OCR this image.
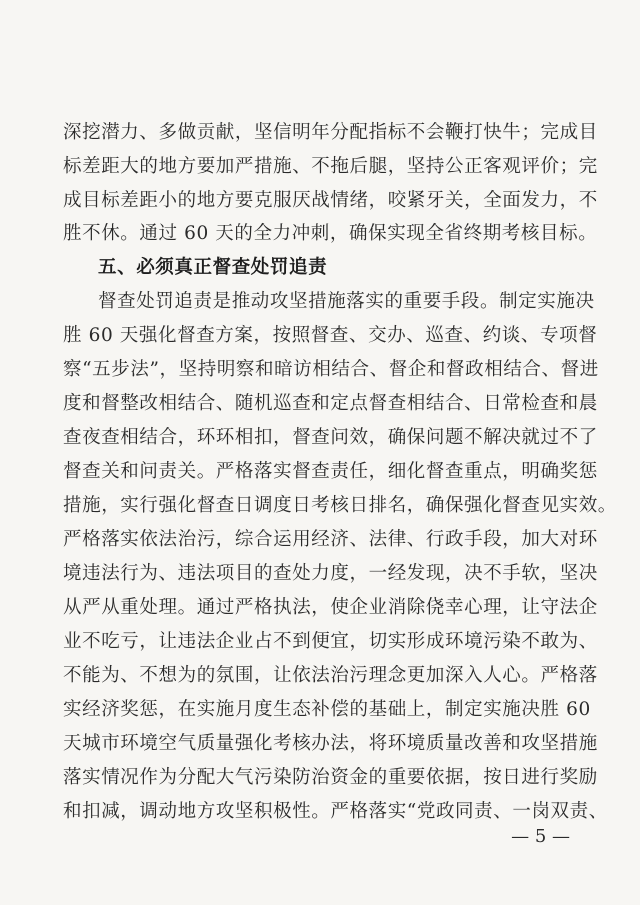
深挖潜力、多做贡献，坚信明年分配指标不会鞭打快牛；完成目
标差距大的地方要加严措施、不拖后腿，坚持公正客观评价；完
成目标差距小的地方要克服厌战情绪，咬紧牙关，全面发力，不
胜不休。通过 60 天的全力冲刺，确保实现全省终期考核目标。
五、必须真正督查处罚追责
督查处罚追责是推动攻坚措施落实的重要手段。制定实施决
胜 60 天强化督查方案，按照督查、交办、巡查、约谈、专项督
察“五步法”，坚持明察和暗访相结合、督企和督政相结合、督进
度和督整改相结合、随机巡查和定点督查相结合、日常检查和晨
查夜查相结合，环环相扣，督查问效，确保问题不解决就过不了
督查关和问责关。严格落实督查责任，细化督查重点，明确奖惩
措施，实行强化督查日调度日考核日排名，确保强化督查见实效。
严格落实依法治污，综合运用经济、法律、行政手段，加大对环
境违法行为、违法项目的查处力度，一经发现，决不手软，坚决
从严从重处理。通过严格执法，使企业消除侥幸心理，让守法企
业不吃亏，让违法企业占不到便宜，切实形成环境污染不敢为、
不能为、不想为的氛围，让依法治污理念更加深入人心。严格落
实经济奖惩，在实施月度生态补偿的基础上，制定实施决胜 60
天城市环境空气质量强化考核办法，将环境质量改善和攻坚措施
落实情况作为分配大气污染防治资金的重要依据，按日进行奖励
和扣减，调动地方攻坚积极性。严格落实“党政同责、一岗双责、
— 5 —
